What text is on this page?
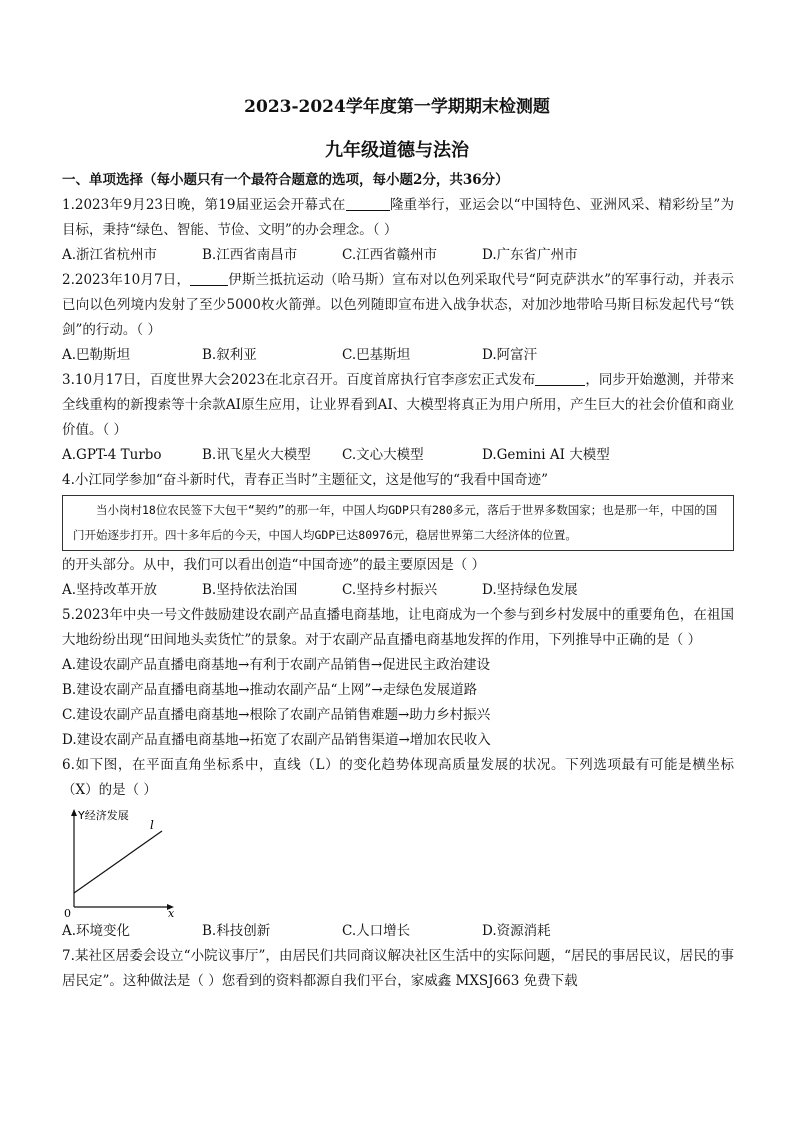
2023-2024学年度第一学期期末检测题
九年级道德与法治

一、单项选择（每小题只有一个最符合题意的选项，每小题2分，共36分）

1.2023年9月23日晚，第19届亚运会开幕式在	隆重举行，亚运会以“中国特色、亚洲风采、精彩纷呈”为目标，秉持“绿色、智能、节俭、文明”的办会理念。（ ）

A.浙江省杭州市	B.江西省南昌市	C.江西省赣州市	D.广东省广州市

2.2023年10月7日，	伊斯兰抵抗运动（哈马斯）宣布对以色列采取代号“阿克萨洪水”的军事行动，并表示已向以色列境内发射了至少5000枚火箭弹。以色列随即宣布进入战争状态，对加沙地带哈马斯目标发起代号“铁剑”的行动。（ ）

A.巴勒斯坦	B.叙利亚	C.巴基斯坦	D.阿富汗

3.10月17日，百度世界大会2023在北京召开。百度首席执行官李彦宏正式发布	，同步开始邀测，并带来全线重构的新搜索等十余款AI原生应用，让业界看到AI、大模型将真正为用户所用，产生巨大的社会价值和商业价值。（ ）

A.GPT-4 Turbo	B.讯飞星火大模型	C.文心大模型	D.Gemini AI 大模型

4.小江同学参加“奋斗新时代，青春正当时”主题征文，这是他写的“我看中国奇迹”

当小岗村18位农民签下大包干“契约”的那一年，中国人均GDP只有280多元，落后于世界多数国家；也是那一年，中国的国门开始逐步打开。四十多年后的今天，中国人均GDP已达80976元，稳居世界第二大经济体的位置。

的开头部分。从中，我们可以看出创造“中国奇迹”的最主要原因是（ ）

A.坚持改革开放	B.坚持依法治国	C.坚持乡村振兴	D.坚持绿色发展

5.2023年中央一号文件鼓励建设农副产品直播电商基地，让电商成为一个参与到乡村发展中的重要角色，在祖国大地纷纷出现“田间地头卖货忙”的景象。对于农副产品直播电商基地发挥的作用，下列推导中正确的是（ ）

A.建设农副产品直播电商基地→有利于农副产品销售→促进民主政治建设

B.建设农副产品直播电商基地→推动农副产品“上网”→走绿色发展道路

C.建设农副产品直播电商基地→根除了农副产品销售难题→助力乡村振兴

D.建设农副产品直播电商基地→拓宽了农副产品销售渠道→增加农民收入

6.如下图，在平面直角坐标系中，直线（L）的变化趋势体现高质量发展的状况。下列选项最有可能是横坐标（X）的是（ ）

Y经济发展
l
0	x
A.环境变化	B.科技创新	C.人口增长	D.资源消耗

7.某社区居委会设立“小院议事厅”，由居民们共同商议解决社区生活中的实际问题，“居民的事居民议，居民的事居民定”。这种做法是（ ）您看到的资料都源自我们平台，家威鑫 MXSJ663 免费下载
